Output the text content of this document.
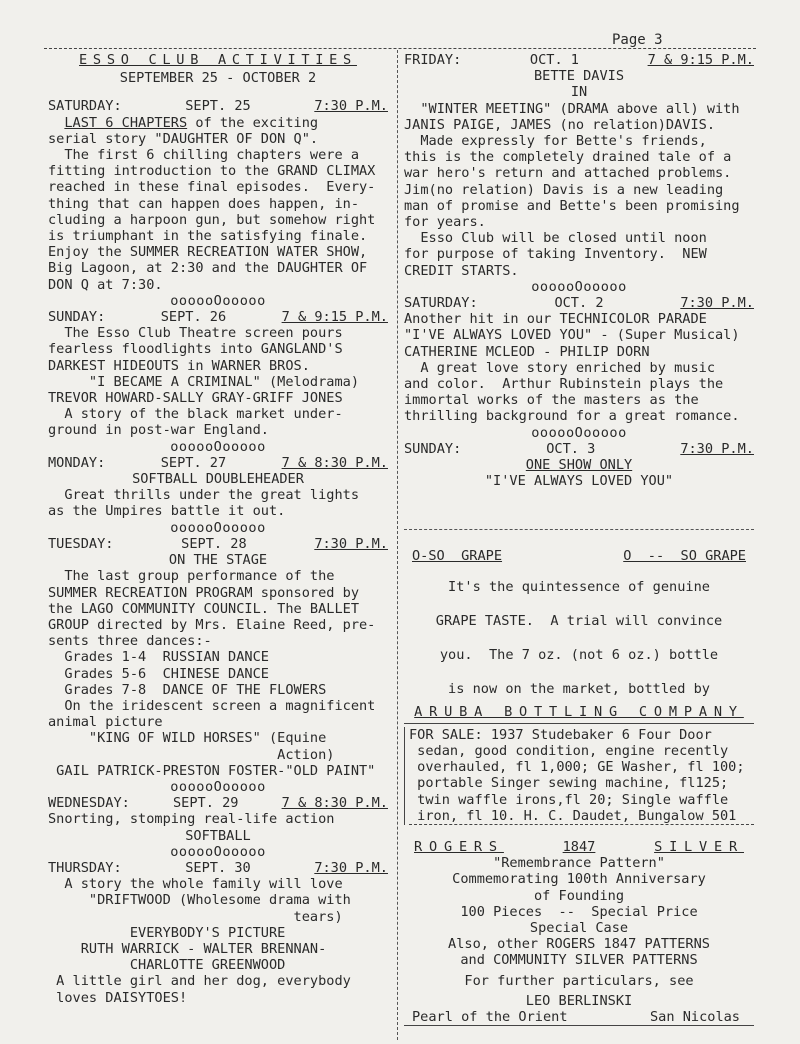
Page 3
ESSO CLUB ACTIVITIES
SEPTEMBER 25 - OCTOBER 2
SATURDAY:	SEPT. 25	7:30 P.M.
LAST 6 CHAPTERS of the exciting
serial story "DAUGHTER OF DON Q".
The first 6 chilling chapters were a
fitting introduction to the GRAND CLIMAX
reached in these final episodes.  Every-
thing that can happen does happen, in-
cluding a harpoon gun, but somehow right
is triumphant in the satisfying finale.
Enjoy the SUMMER RECREATION WATER SHOW,
Big Lagoon, at 2:30 and the DAUGHTER OF
DON Q at 7:30.
oooooOooooo
SUNDAY:	SEPT. 26	7 & 9:15 P.M.
The Esso Club Theatre screen pours
fearless floodlights into GANGLAND'S
DARKEST HIDEOUTS in WARNER BROS.
"I BECAME A CRIMINAL" (Melodrama)
TREVOR HOWARD-SALLY GRAY-GRIFF JONES
A story of the black market under-
ground in post-war England.
oooooOooooo
MONDAY:	SEPT. 27	7 & 8:30 P.M.
SOFTBALL DOUBLEHEADER
Great thrills under the great lights
as the Umpires battle it out.
oooooOooooo
TUESDAY:	SEPT. 28	7:30 P.M.
ON THE STAGE
The last group performance of the
SUMMER RECREATION PROGRAM sponsored by
the LAGO COMMUNITY COUNCIL. The BALLET
GROUP directed by Mrs. Elaine Reed, pre-
sents three dances:-
Grades 1-4  RUSSIAN DANCE
Grades 5-6  CHINESE DANCE
Grades 7-8  DANCE OF THE FLOWERS
On the iridescent screen a magnificent
animal picture
"KING OF WILD HORSES" (Equine
Action)
GAIL PATRICK-PRESTON FOSTER-"OLD PAINT"
oooooOooooo
WEDNESDAY:	SEPT. 29	7 & 8:30 P.M.
Snorting, stomping real-life action
SOFTBALL
oooooOooooo
THURSDAY:	SEPT. 30	7:30 P.M.
A story the whole family will love
"DRIFTWOOD (Wholesome drama with
tears)
EVERYBODY'S PICTURE
RUTH WARRICK - WALTER BRENNAN-
CHARLOTTE GREENWOOD
A little girl and her dog, everybody
loves DAISYTOES!
FRIDAY:	OCT. 1	7 & 9:15 P.M.
BETTE DAVIS
IN
"WINTER MEETING" (DRAMA above all) with
JANIS PAIGE, JAMES (no relation)DAVIS.
Made expressly for Bette's friends,
this is the completely drained tale of a
war hero's return and attached problems.
Jim(no relation) Davis is a new leading
man of promise and Bette's been promising
for years.
Esso Club will be closed until noon
for purpose of taking Inventory.  NEW
CREDIT STARTS.
oooooOooooo
SATURDAY:	OCT. 2	7:30 P.M.
Another hit in our TECHNICOLOR PARADE
"I'VE ALWAYS LOVED YOU" - (Super Musical)
CATHERINE MCLEOD - PHILIP DORN
A great love story enriched by music
and color.  Arthur Rubinstein plays the
immortal works of the masters as the
thrilling background for a great romance.
oooooOooooo
SUNDAY:	OCT. 3	7:30 P.M.
ONE SHOW ONLY
"I'VE ALWAYS LOVED YOU"
O-SO  GRAPE	O  --  SO GRAPE
It's the quintessence of genuine
GRAPE TASTE.  A trial will convince
you.  The 7 oz. (not 6 oz.) bottle
is now on the market, bottled by
ARUBA BOTTLING COMPANY
FOR SALE: 1937 Studebaker 6 Four Door
sedan, good condition, engine recently
overhauled, fl 1,000; GE Washer, fl 100;
portable Singer sewing machine, fl125;
twin waffle irons,fl 20; Single waffle
iron, fl 10. H. C. Daudet, Bungalow 501
ROGERS	1847	SILVER
"Remembrance Pattern"
Commemorating 100th Anniversary
of Founding
100 Pieces  --  Special Price
Special Case
Also, other ROGERS 1847 PATTERNS
and COMMUNITY SILVER PATTERNS
For further particulars, see
LEO BERLINSKI
Pearl of the Orient	San Nicolas
